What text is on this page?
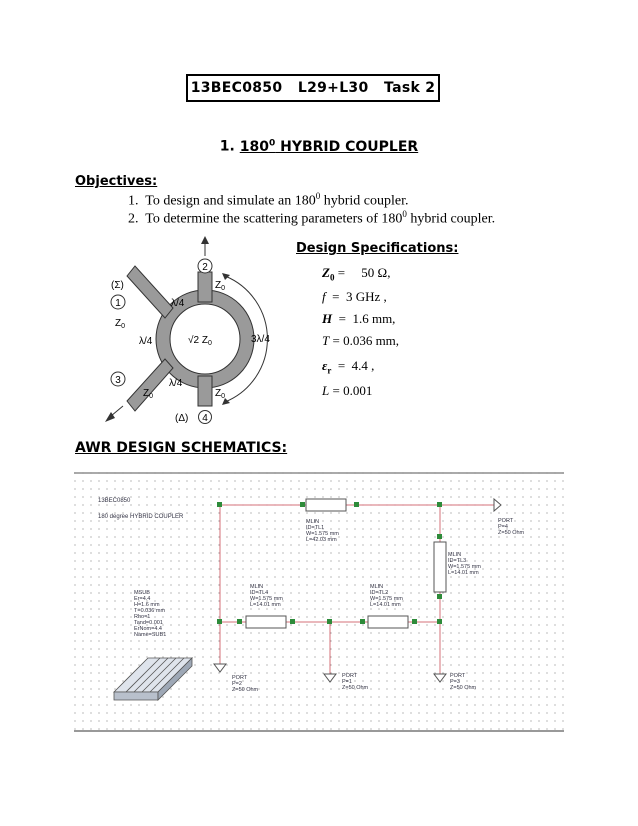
13BEC0850   L29+L30   Task 2
1. $180^0$ HYBRID COUPLER
Objectives:
1. To design and simulate an $180^0$ hybrid coupler.
2. To determine the scattering parameters of $180^0$ hybrid coupler.
2
1
3
4
(Σ)
(Δ)
$Z_0$
$Z_0$
$Z_0$
$Z_0$
λ/4
λ/4
λ/4
3λ/4
√2 $Z_0$
Design Specifications:
$Z_0$ =     50 Ω,
f  =  3 GHz ,
H  =  1.6 mm,
T = 0.036 mm,
$\varepsilon_r = 4.4$ ,
L = 0.001
AWR DESIGN SCHEMATICS:
13BEC0850
180 degree HYBRID COUPLER
MLIN
ID=TL1
W=1.575 mm
L=42.03 mm
MLIN
ID=TL3
W=1.575 mm
L=14.01 mm
MLIN
ID=TL4
W=1.575 mm
L=14.01 mm
MLIN
ID=TL2
W=1.575 mm
L=14.01 mm
PORT
P=4
Z=50 Ohm
PORT
P=2
Z=50 Ohm
PORT
P=1
Z=50 Ohm
PORT
P=3
Z=50 Ohm
MSUB
Er=4.4
H=1.6 mm
T=0.036 mm
Rho=1
Tand=0.001
ErNom=4.4
Name=SUB1
